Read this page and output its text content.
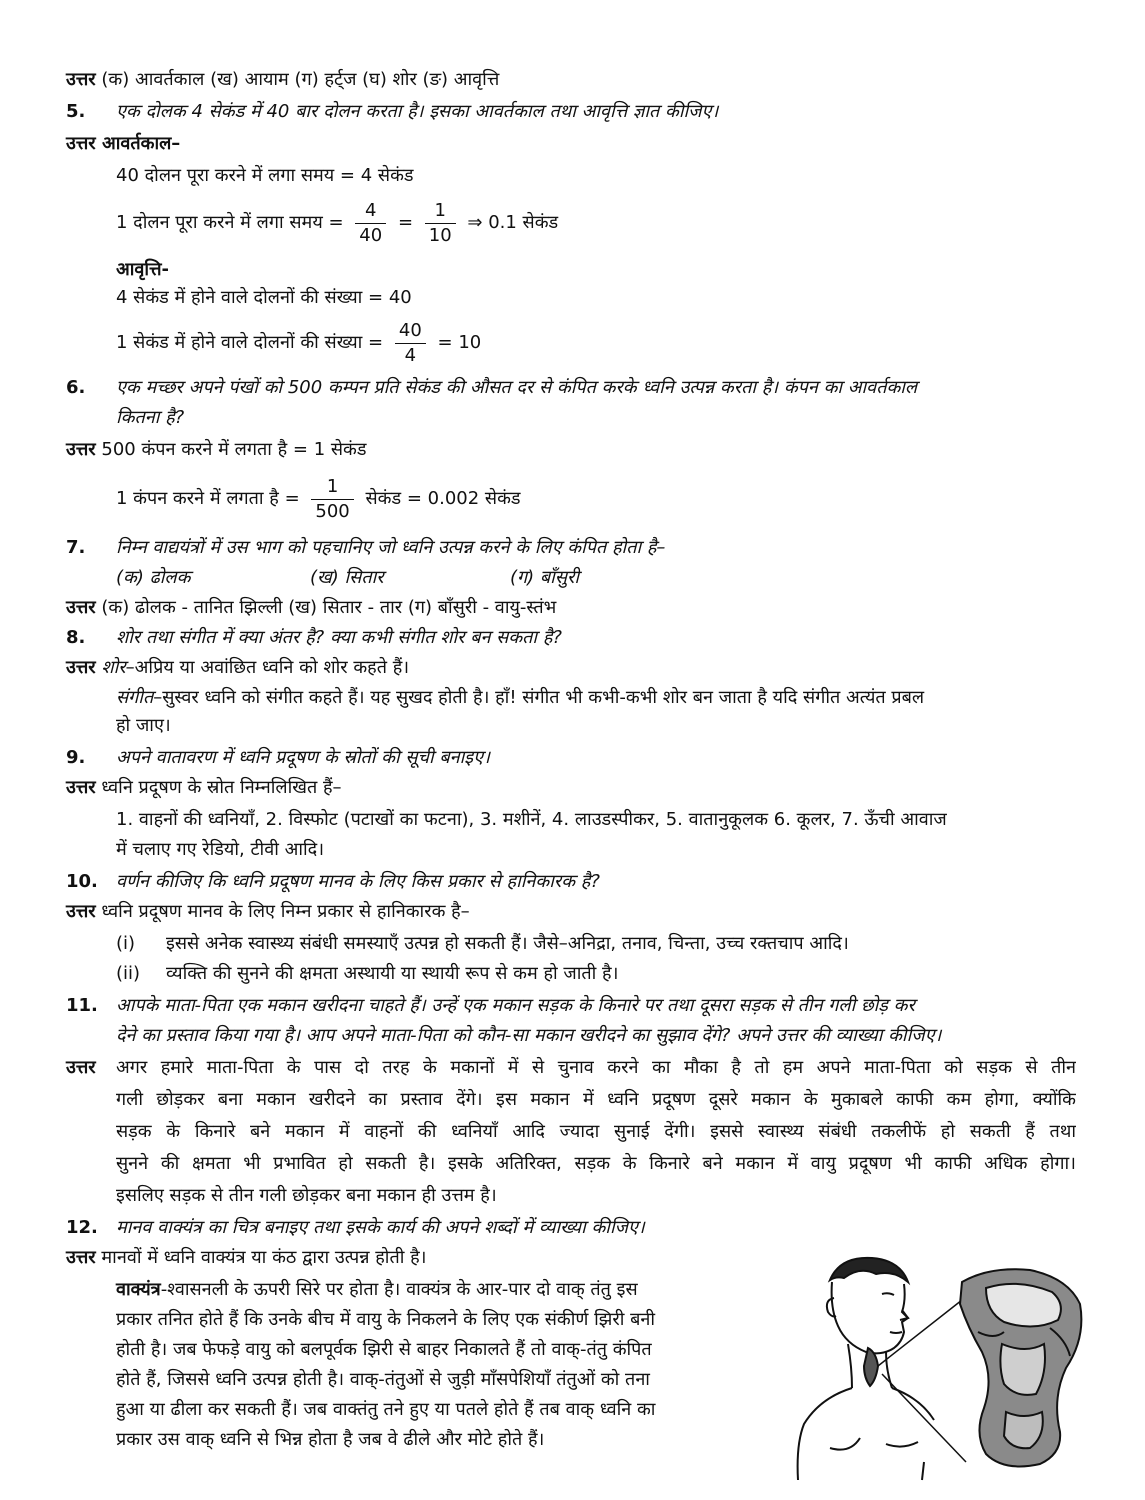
उत्तर (क) आवर्तकाल (ख) आयाम (ग) हर्ट्ज (घ) शोर (ङ) आवृत्ति
5. एक दोलक 4 सेकंड में 40 बार दोलन करता है। इसका आवर्तकाल तथा आवृत्ति ज्ञात कीजिए।
उत्तर आवर्तकाल–
40 दोलन पूरा करने में लगा समय = 4 सेकंड
1 दोलन पूरा करने में लगा समय = $\frac{4}{40} = \frac{1}{10}$ ⇒ 0.1 सेकंड
आवृत्ति-
4 सेकंड में होने वाले दोलनों की संख्या = 40
1 सेकंड में होने वाले दोलनों की संख्या = $\frac{40}{4} = 10$
6. एक मच्छर अपने पंखों को 500 कम्पन प्रति सेकंड की औसत दर से कंपित करके ध्वनि उत्पन्न करता है। कंपन का आवर्तकाल
कितना है?
उत्तर 500 कंपन करने में लगता है = 1 सेकंड
1 कंपन करने में लगता है = $\frac{1}{500}$ सेकंड = 0.002 सेकंड
7. निम्न वाद्ययंत्रों में उस भाग को पहचानिए जो ध्वनि उत्पन्न करने के लिए कंपित होता है–
(क) ढोलक	(ख) सितार	(ग) बाँसुरी
उत्तर (क) ढोलक - तानित झिल्ली (ख) सितार - तार (ग) बाँसुरी - वायु-स्तंभ
8. शोर तथा संगीत में क्या अंतर है? क्या कभी संगीत शोर बन सकता है?
उत्तर शोर–अप्रिय या अवांछित ध्वनि को शोर कहते हैं।
संगीत–सुस्वर ध्वनि को संगीत कहते हैं। यह सुखद होती है। हाँ! संगीत भी कभी-कभी शोर बन जाता है यदि संगीत अत्यंत प्रबल
हो जाए।
9. अपने वातावरण में ध्वनि प्रदूषण के स्रोतों की सूची बनाइए।
उत्तर ध्वनि प्रदूषण के स्रोत निम्नलिखित हैं–
1. वाहनों की ध्वनियाँ, 2. विस्फोट (पटाखों का फटना), 3. मशीनें, 4. लाउडस्पीकर, 5. वातानुकूलक 6. कूलर, 7. ऊँची आवाज
में चलाए गए रेडियो, टीवी आदि।
10. वर्णन कीजिए कि ध्वनि प्रदूषण मानव के लिए किस प्रकार से हानिकारक है?
उत्तर ध्वनि प्रदूषण मानव के लिए निम्न प्रकार से हानिकारक है–
(i) इससे अनेक स्वास्थ्य संबंधी समस्याएँ उत्पन्न हो सकती हैं। जैसे–अनिद्रा, तनाव, चिन्ता, उच्च रक्तचाप आदि।
(ii) व्यक्ति की सुनने की क्षमता अस्थायी या स्थायी रूप से कम हो जाती है।
11. आपके माता-पिता एक मकान खरीदना चाहते हैं। उन्हें एक मकान सड़क के किनारे पर तथा दूसरा सड़क से तीन गली छोड़ कर
देने का प्रस्ताव किया गया है। आप अपने माता-पिता को कौन-सा मकान खरीदने का सुझाव देंगे? अपने उत्तर की व्याख्या कीजिए।
उत्तर अगर हमारे माता-पिता के पास दो तरह के मकानों में से चुनाव करने का मौका है तो हम अपने माता-पिता को सड़क से तीन
गली छोड़कर बना मकान खरीदने का प्रस्ताव देंगे। इस मकान में ध्वनि प्रदूषण दूसरे मकान के मुकाबले काफी कम होगा, क्योंकि
सड़क के किनारे बने मकान में वाहनों की ध्वनियाँ आदि ज्यादा सुनाई देंगी। इससे स्वास्थ्य संबंधी तकलीफें हो सकती हैं तथा
सुनने की क्षमता भी प्रभावित हो सकती है। इसके अतिरिक्त, सड़क के किनारे बने मकान में वायु प्रदूषण भी काफी अधिक होगा।
इसलिए सड़क से तीन गली छोड़कर बना मकान ही उत्तम है।
12. मानव वाक्यंत्र का चित्र बनाइए तथा इसके कार्य की अपने शब्दों में व्याख्या कीजिए।
उत्तर मानवों में ध्वनि वाक्यंत्र या कंठ द्वारा उत्पन्न होती है।
वाक्यंत्र-श्वासनली के ऊपरी सिरे पर होता है। वाक्यंत्र के आर-पार दो वाक् तंतु इस
प्रकार तनित होते हैं कि उनके बीच में वायु के निकलने के लिए एक संकीर्ण झिरी बनी
होती है। जब फेफड़े वायु को बलपूर्वक झिरी से बाहर निकालते हैं तो वाक्-तंतु कंपित
होते हैं, जिससे ध्वनि उत्पन्न होती है। वाक्-तंतुओं से जुड़ी माँसपेशियाँ तंतुओं को तना
हुआ या ढीला कर सकती हैं। जब वाक्तंतु तने हुए या पतले होते हैं तब वाक् ध्वनि का
प्रकार उस वाक् ध्वनि से भिन्न होता है जब वे ढीले और मोटे होते हैं।
